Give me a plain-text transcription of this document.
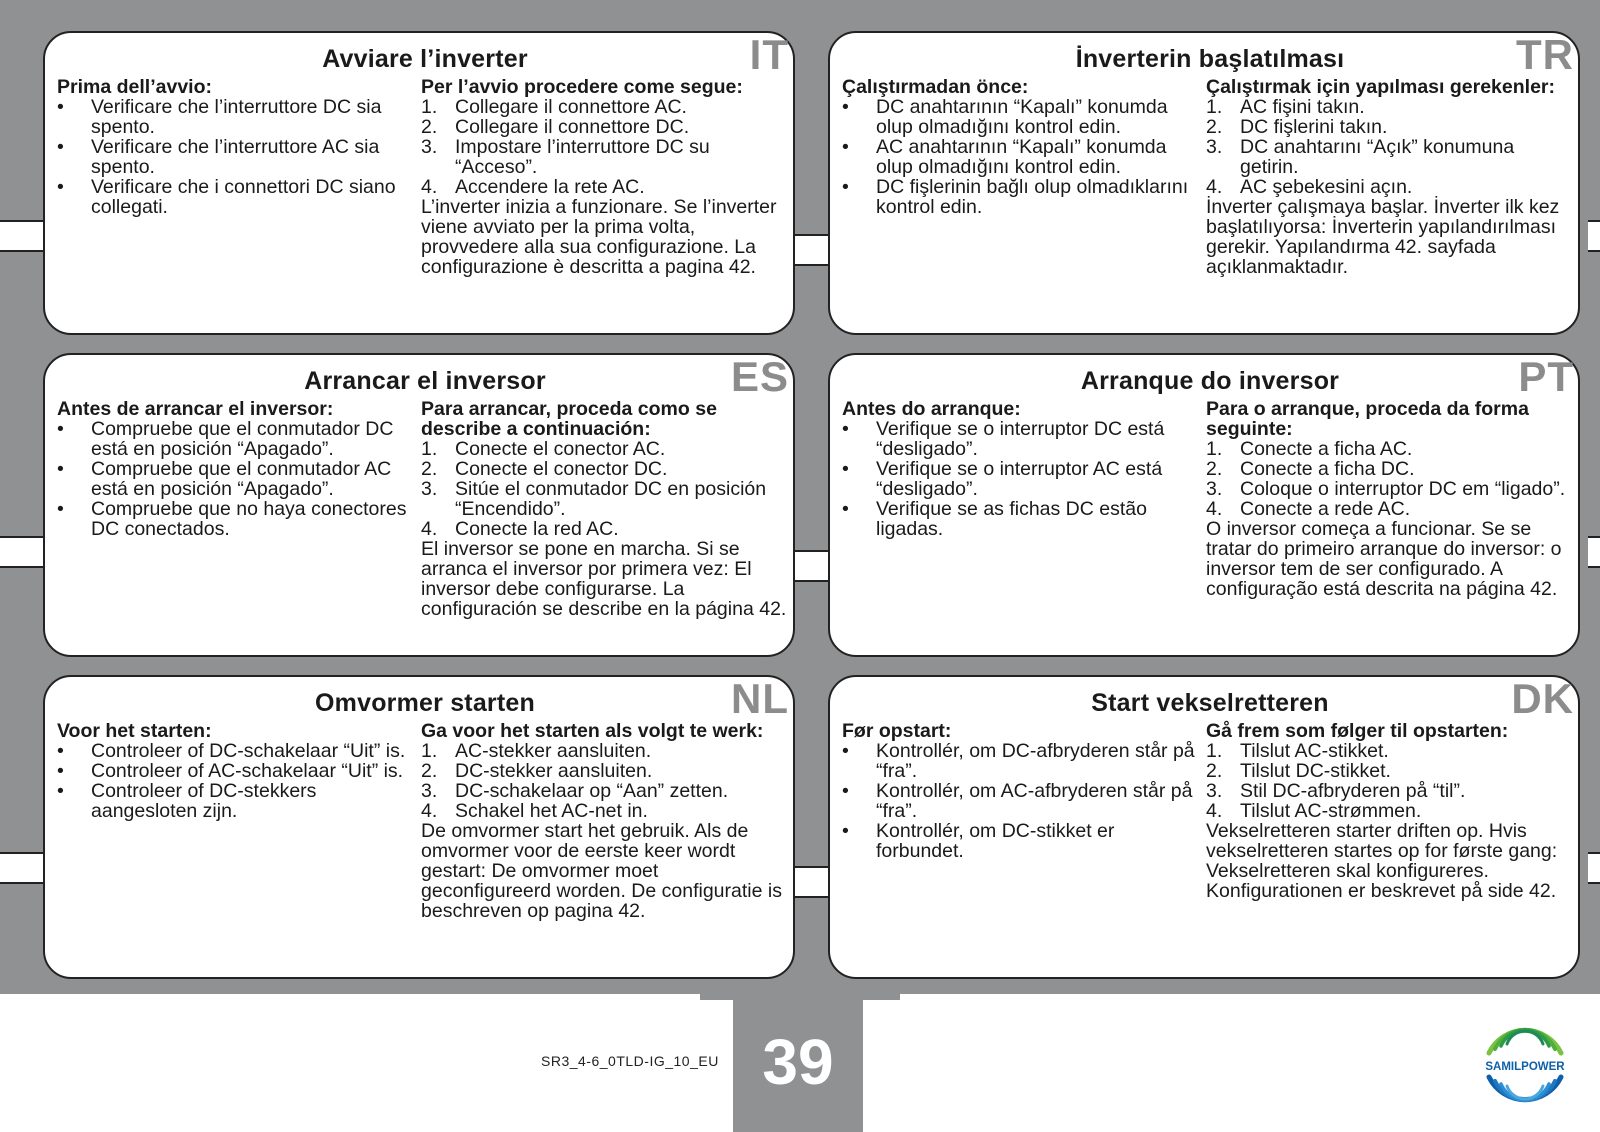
Avviare l’inverter	IT
Prima dell’avvio:
• Verificare che l’interruttore DC sia spento.
• Verificare che l’interruttore AC sia spento.
• Verificare che i connettori DC siano collegati.
Per l’avvio procedere come segue:
1. Collegare il connettore AC.
2. Collegare il connettore DC.
3. Impostare l’interruttore DC su “Acceso”.
4. Accendere la rete AC.
L’inverter inizia a funzionare. Se l’inverter viene avviato per la prima volta, provvedere alla sua configurazione. La configurazione è descritta a pagina 42.
İnverterin başlatılması	TR
Çalıştırmadan önce:
• DC anahtarının “Kapalı” konumda olup olmadığını kontrol edin.
• AC anahtarının “Kapalı” konumda olup olmadığını kontrol edin.
• DC fişlerinin bağlı olup olmadıklarını kontrol edin.
Çalıştırmak için yapılması gerekenler:
1. AC fişini takın.
2. DC fişlerini takın.
3. DC anahtarını “Açık” konumuna getirin.
4. AC şebekesini açın.
İnverter çalışmaya başlar. İnverter ilk kez başlatılıyorsa: İnverterin yapılandırılması gerekir. Yapılandırma 42. sayfada açıklanmaktadır.
Arrancar el inversor	ES
Antes de arrancar el inversor:
• Compruebe que el conmutador DC está en posición “Apagado”.
• Compruebe que el conmutador AC está en posición “Apagado”.
• Compruebe que no haya conectores DC conectados.
Para arrancar, proceda como se describe a continuación:
1. Conecte el conector AC.
2. Conecte el conector DC.
3. Sitúe el conmutador DC en posición “Encendido”.
4. Conecte la red AC.
El inversor se pone en marcha. Si se arranca el inversor por primera vez: El inversor debe configurarse. La configuración se describe en la página 42.
Arranque do inversor	PT
Antes do arranque:
• Verifique se o interruptor DC está “desligado”.
• Verifique se o interruptor AC está “desligado”.
• Verifique se as fichas DC estão ligadas.
Para o arranque, proceda da forma seguinte:
1. Conecte a ficha AC.
2. Conecte a ficha DC.
3. Coloque o interruptor DC em “ligado”.
4. Conecte a rede AC.
O inversor começa a funcionar. Se se tratar do primeiro arranque do inversor: o inversor tem de ser configurado. A configuração está descrita na página 42.
Omvormer starten	NL
Voor het starten:
• Controleer of DC-schakelaar “Uit” is.
• Controleer of AC-schakelaar “Uit” is.
• Controleer of DC-stekkers aangesloten zijn.
Ga voor het starten als volgt te werk:
1. AC-stekker aansluiten.
2. DC-stekker aansluiten.
3. DC-schakelaar op “Aan” zetten.
4. Schakel het AC-net in.
De omvormer start het gebruik. Als de omvormer voor de eerste keer wordt gestart: De omvormer moet geconfigureerd worden. De configuratie is beschreven op pagina 42.
Start vekselretteren	DK
Før opstart:
• Kontrollér, om DC-afbryderen står på “fra”.
• Kontrollér, om AC-afbryderen står på “fra”.
• Kontrollér, om DC-stikket er forbundet.
Gå frem som følger til opstarten:
1. Tilslut AC-stikket.
2. Tilslut DC-stikket.
3. Stil DC-afbryderen på “til”.
4. Tilslut AC-strømmen.
Vekselretteren starter driften op. Hvis vekselretteren startes op for første gang: Vekselretteren skal konfigureres. Konfigurationen er beskrevet på side 42.
SR3_4-6_0TLD-IG_10_EU 39	SAMILPOWER
